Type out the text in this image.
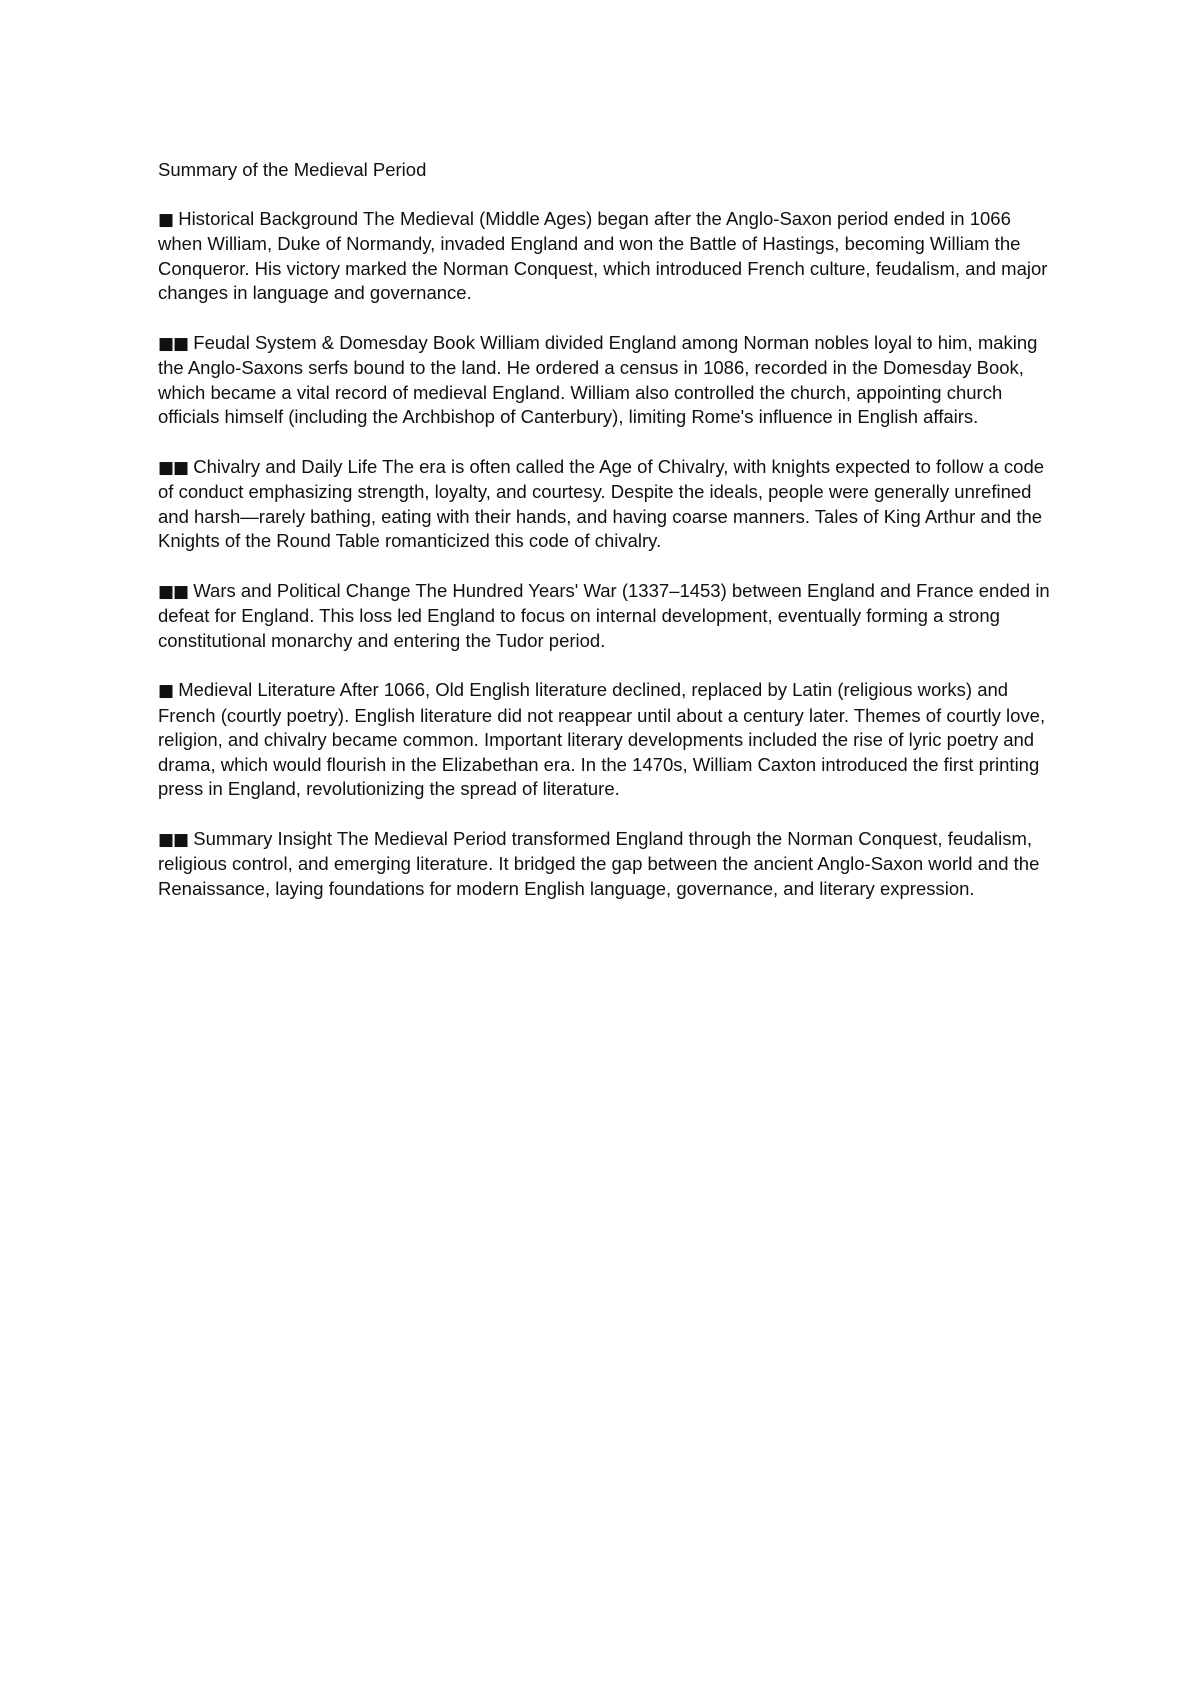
Summary of the Medieval Period

■ Historical Background The Medieval (Middle Ages) began after the Anglo-Saxon period ended in 1066 when William, Duke of Normandy, invaded England and won the Battle of Hastings, becoming William the Conqueror. His victory marked the Norman Conquest, which introduced French culture, feudalism, and major changes in language and governance.

■■ Feudal System & Domesday Book William divided England among Norman nobles loyal to him, making the Anglo-Saxons serfs bound to the land. He ordered a census in 1086, recorded in the Domesday Book, which became a vital record of medieval England. William also controlled the church, appointing church officials himself (including the Archbishop of Canterbury), limiting Rome's influence in English affairs.

■■ Chivalry and Daily Life The era is often called the Age of Chivalry, with knights expected to follow a code of conduct emphasizing strength, loyalty, and courtesy. Despite the ideals, people were generally unrefined and harsh—rarely bathing, eating with their hands, and having coarse manners. Tales of King Arthur and the Knights of the Round Table romanticized this code of chivalry.

■■ Wars and Political Change The Hundred Years' War (1337–1453) between England and France ended in defeat for England. This loss led England to focus on internal development, eventually forming a strong constitutional monarchy and entering the Tudor period.

■ Medieval Literature After 1066, Old English literature declined, replaced by Latin (religious works) and French (courtly poetry). English literature did not reappear until about a century later. Themes of courtly love, religion, and chivalry became common. Important literary developments included the rise of lyric poetry and drama, which would flourish in the Elizabethan era. In the 1470s, William Caxton introduced the first printing press in England, revolutionizing the spread of literature.

■■ Summary Insight The Medieval Period transformed England through the Norman Conquest, feudalism, religious control, and emerging literature. It bridged the gap between the ancient Anglo-Saxon world and the Renaissance, laying foundations for modern English language, governance, and literary expression.
